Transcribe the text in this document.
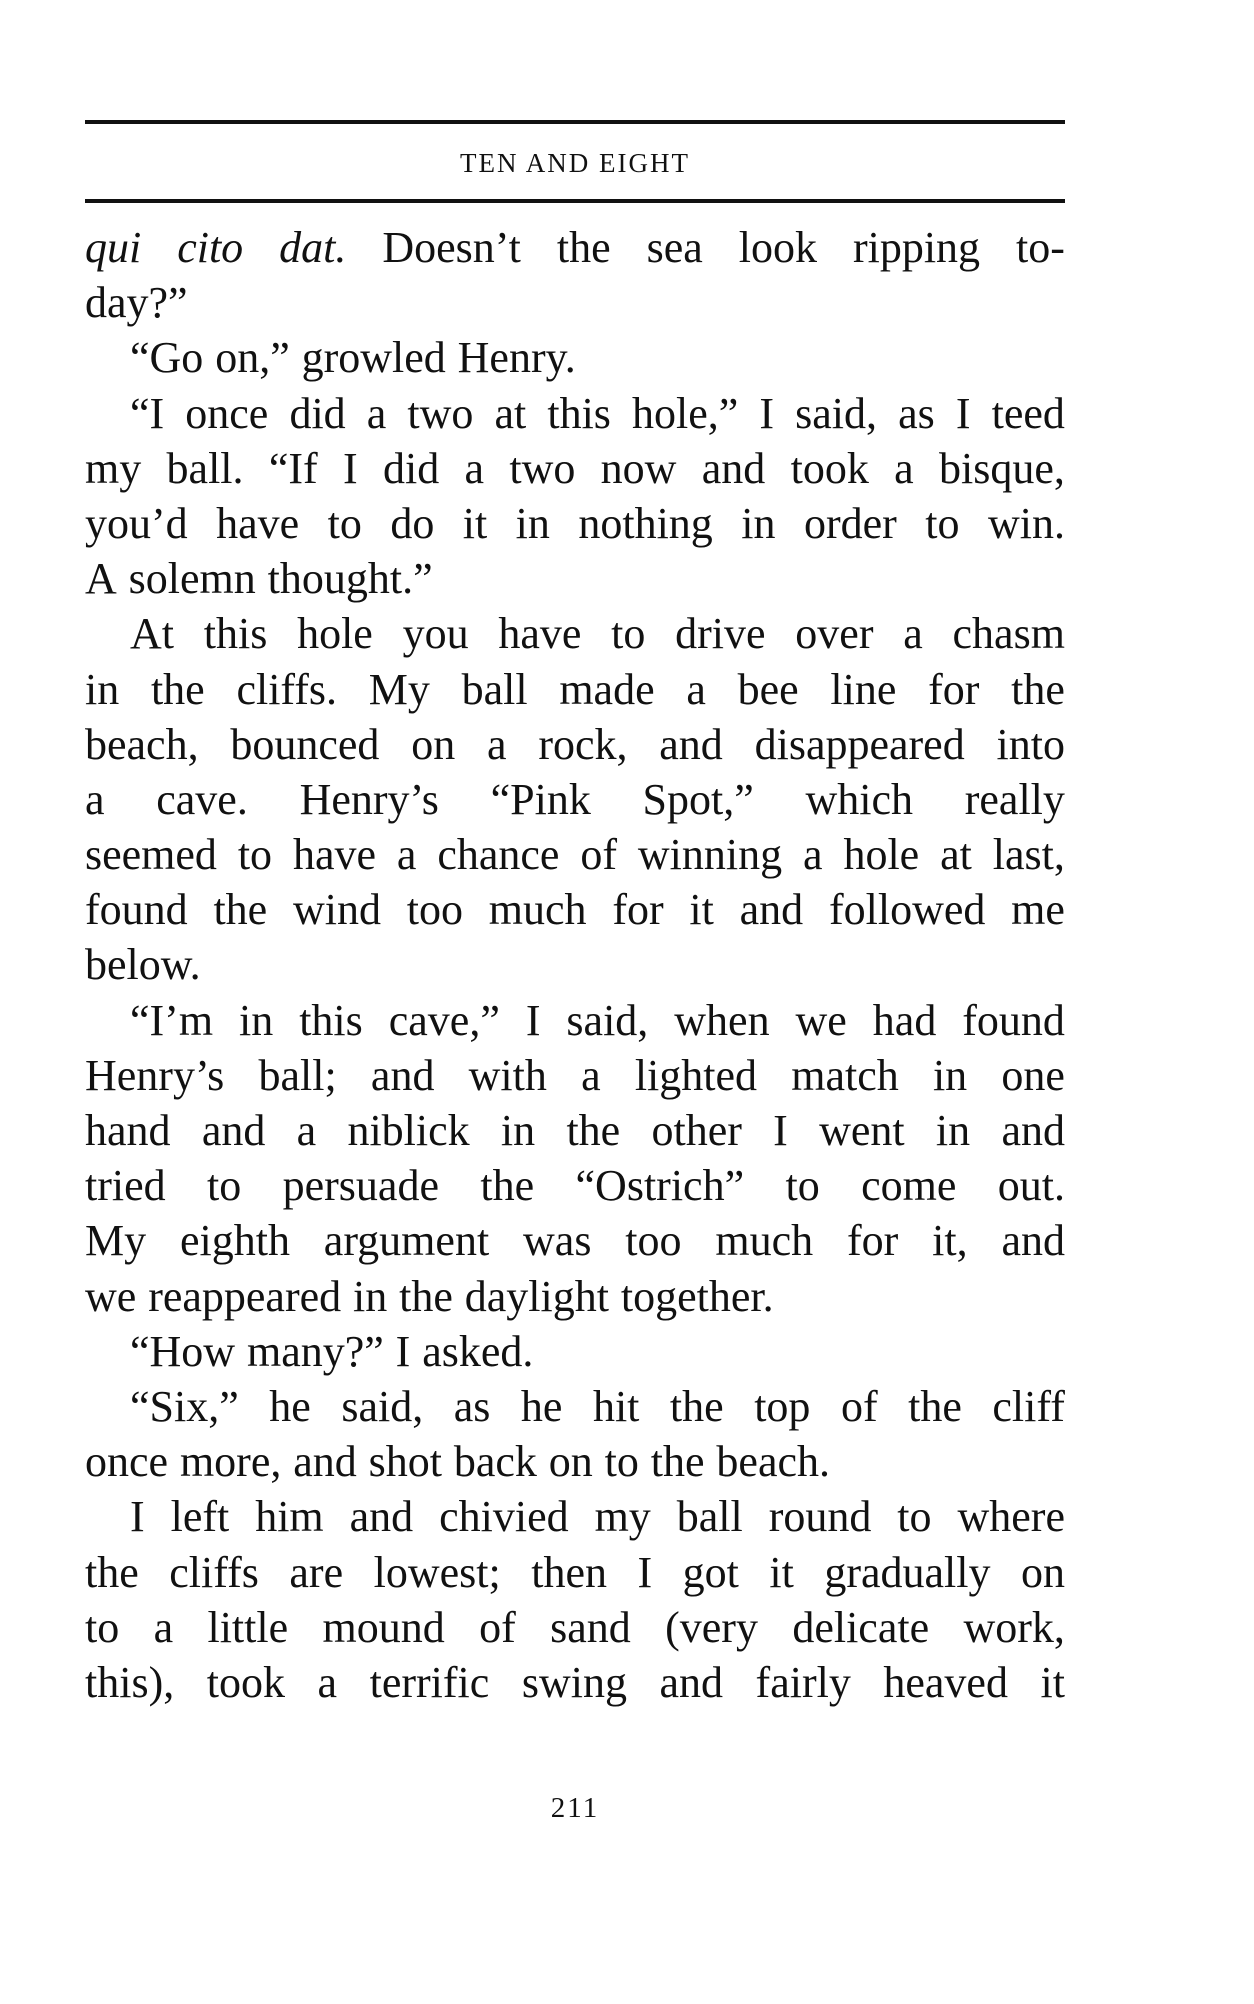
TEN AND EIGHT
qui cito dat. Doesn’t the sea look ripping to-
day?”
“Go on,” growled Henry.
“I once did a two at this hole,” I said, as I teed
my ball. “If I did a two now and took a bisque,
you’d have to do it in nothing in order to win.
A solemn thought.”
At this hole you have to drive over a chasm
in the cliffs. My ball made a bee line for the
beach, bounced on a rock, and disappeared into
a cave. Henry’s “Pink Spot,” which really
seemed to have a chance of winning a hole at last,
found the wind too much for it and followed me
below.
“I’m in this cave,” I said, when we had found
Henry’s ball; and with a lighted match in one
hand and a niblick in the other I went in and
tried to persuade the “Ostrich” to come out.
My eighth argument was too much for it, and
we reappeared in the daylight together.
“How many?” I asked.
“Six,” he said, as he hit the top of the cliff
once more, and shot back on to the beach.
I left him and chivied my ball round to where
the cliffs are lowest; then I got it gradually on
to a little mound of sand (very delicate work,
this), took a terrific swing and fairly heaved it
211
